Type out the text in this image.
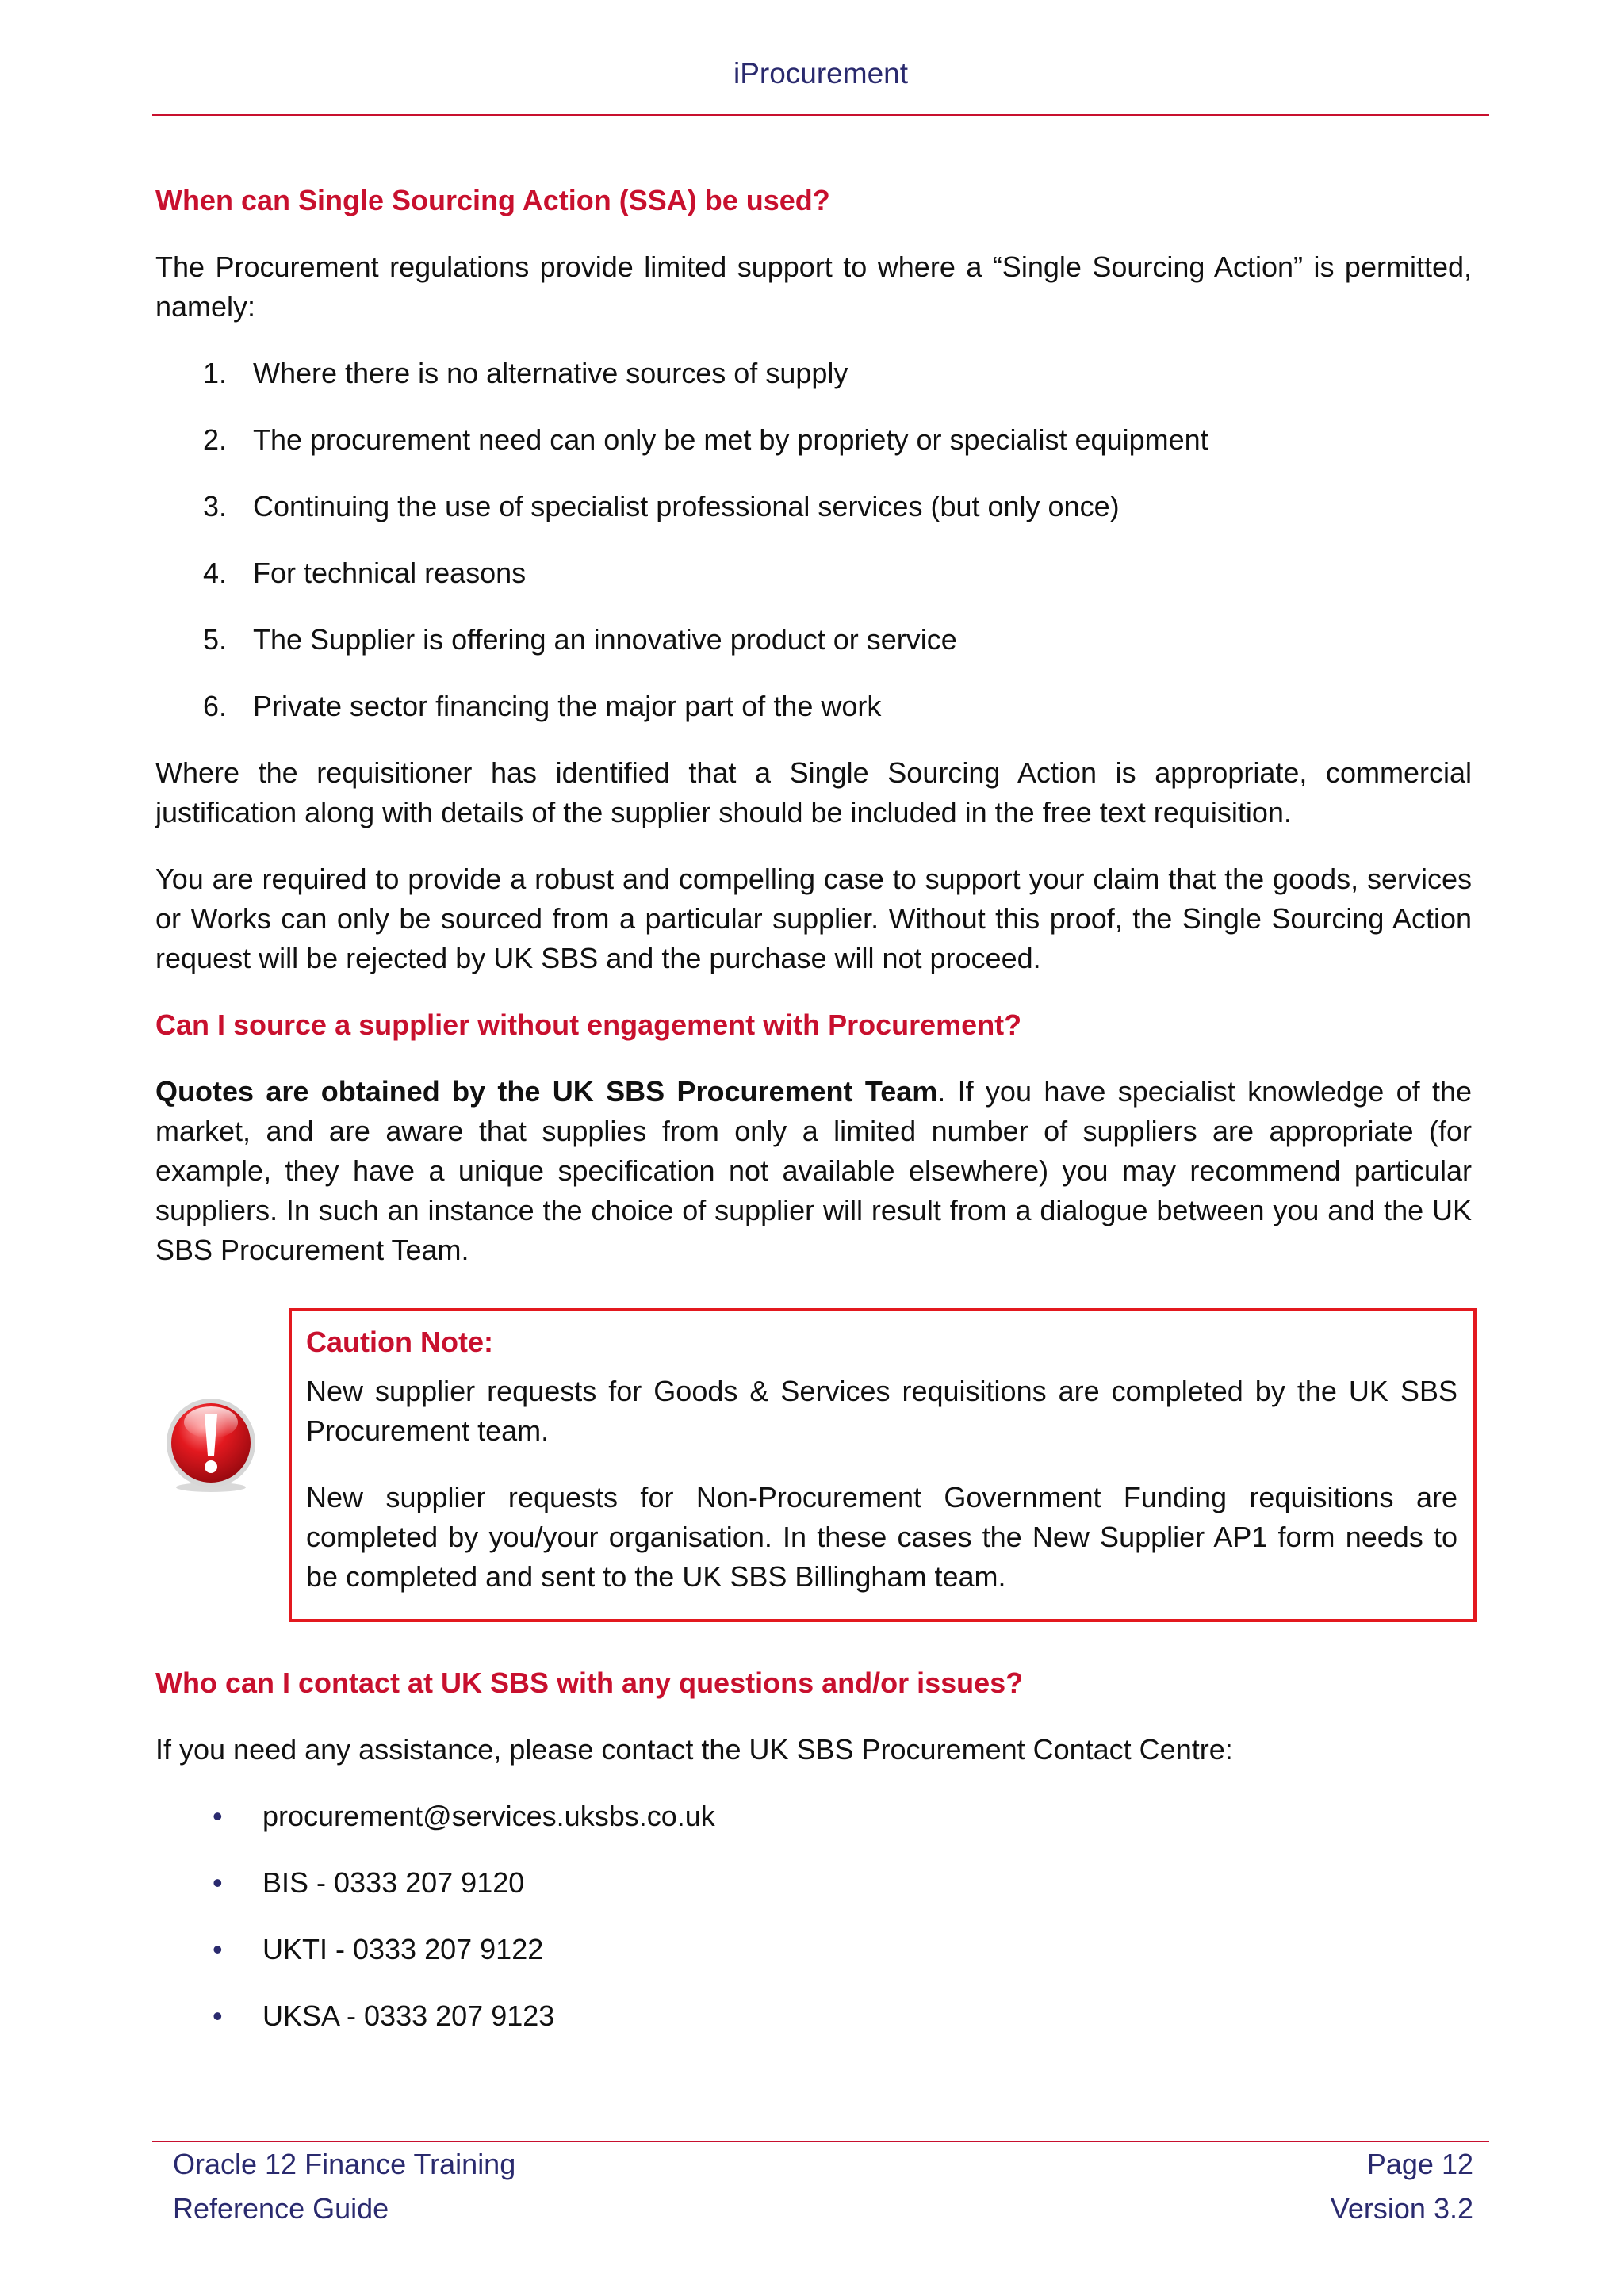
iProcurement
When can Single Sourcing Action (SSA) be used?

The Procurement regulations provide limited support to where a “Single Sourcing Action” is permitted, namely:

1. Where there is no alternative sources of supply
2. The procurement need can only be met by propriety or specialist equipment
3. Continuing the use of specialist professional services (but only once)
4. For technical reasons
5. The Supplier is offering an innovative product or service
6. Private sector financing the major part of the work

Where the requisitioner has identified that a Single Sourcing Action is appropriate, commercial justification along with details of the supplier should be included in the free text requisition.

You are required to provide a robust and compelling case to support your claim that the goods, services or Works can only be sourced from a particular supplier. Without this proof, the Single Sourcing Action request will be rejected by UK SBS and the purchase will not proceed.

Can I source a supplier without engagement with Procurement?

Quotes are obtained by the UK SBS Procurement Team. If you have specialist knowledge of the market, and are aware that supplies from only a limited number of suppliers are appropriate (for example, they have a unique specification not available elsewhere) you may recommend particular suppliers. In such an instance the choice of supplier will result from a dialogue between you and the UK SBS Procurement Team.

Caution Note:

New supplier requests for Goods & Services requisitions are completed by the UK SBS Procurement team.

New supplier requests for Non-Procurement Government Funding requisitions are completed by you/your organisation. In these cases the New Supplier AP1 form needs to be completed and sent to the UK SBS Billingham team.

Who can I contact at UK SBS with any questions and/or issues?

If you need any assistance, please contact the UK SBS Procurement Contact Centre:

• procurement@services.uksbs.co.uk
• BIS - 0333 207 9120
• UKTI - 0333 207 9122
• UKSA - 0333 207 9123
Oracle 12 Finance Training	Page 12
Reference Guide	Version 3.2
